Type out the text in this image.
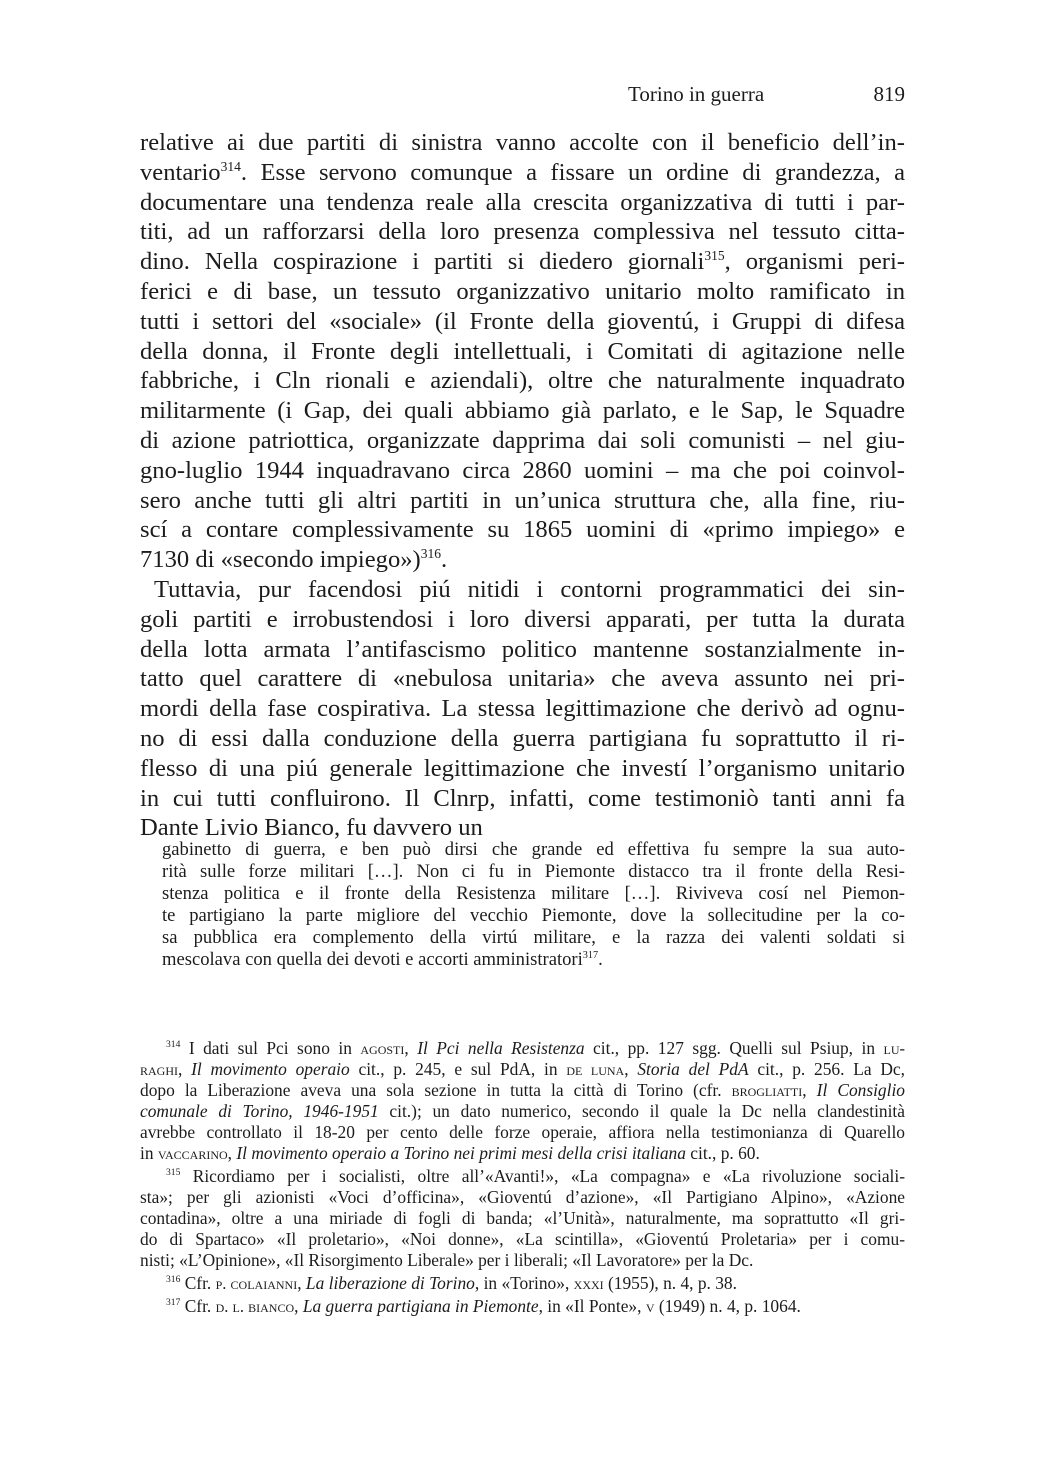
Torino in guerra	819
relative ai due partiti di sinistra vanno accolte con il beneficio dell’in-
ventario$^{314}$. Esse servono comunque a fissare un ordine di grandezza, a
documentare una tendenza reale alla crescita organizzativa di tutti i par-
titi, ad un rafforzarsi della loro presenza complessiva nel tessuto citta-
dino. Nella cospirazione i partiti si diedero giornali$^{315}$, organismi peri-
ferici e di base, un tessuto organizzativo unitario molto ramificato in
tutti i settori del «sociale» (il Fronte della gioventú, i Gruppi di difesa
della donna, il Fronte degli intellettuali, i Comitati di agitazione nelle
fabbriche, i Cln rionali e aziendali), oltre che naturalmente inquadrato
militarmente (i Gap, dei quali abbiamo già parlato, e le Sap, le Squadre
di azione patriottica, organizzate dapprima dai soli comunisti – nel giu-
gno-luglio 1944 inquadravano circa 2860 uomini – ma che poi coinvol-
sero anche tutti gli altri partiti in un’unica struttura che, alla fine, riu-
scí a contare complessivamente su 1865 uomini di «primo impiego» e
7130 di «secondo impiego»)$^{316}$.
Tuttavia, pur facendosi piú nitidi i contorni programmatici dei sin-
goli partiti e irrobustendosi i loro diversi apparati, per tutta la durata
della lotta armata l’antifascismo politico mantenne sostanzialmente in-
tatto quel carattere di «nebulosa unitaria» che aveva assunto nei pri-
mordi della fase cospirativa. La stessa legittimazione che derivò ad ognu-
no di essi dalla conduzione della guerra partigiana fu soprattutto il ri-
flesso di una piú generale legittimazione che investí l’organismo unitario
in cui tutti confluirono. Il Clnrp, infatti, come testimoniò tanti anni fa
Dante Livio Bianco, fu davvero un
gabinetto di guerra, e ben può dirsi che grande ed effettiva fu sempre la sua auto-
rità sulle forze militari […]. Non ci fu in Piemonte distacco tra il fronte della Resi-
stenza politica e il fronte della Resistenza militare […]. Riviveva cosí nel Piemon-
te partigiano la parte migliore del vecchio Piemonte, dove la sollecitudine per la co-
sa pubblica era complemento della virtú militare, e la razza dei valenti soldati si
mescolava con quella dei devoti e accorti amministratori$^{317}$.
$^{314}$ I dati sul Pci sono in agosti, Il Pci nella Resistenza cit., pp. 127 sgg. Quelli sul Psiup, in lu-
raghi, Il movimento operaio cit., p. 245, e sul PdA, in de luna, Storia del PdA cit., p. 256. La Dc,
dopo la Liberazione aveva una sola sezione in tutta la città di Torino (cfr. brogliatti, Il Consiglio
comunale di Torino, 1946-1951 cit.); un dato numerico, secondo il quale la Dc nella clandestinità
avrebbe controllato il 18-20 per cento delle forze operaie, affiora nella testimonianza di Quarello
in vaccarino, Il movimento operaio a Torino nei primi mesi della crisi italiana cit., p. 60.
$^{315}$ Ricordiamo per i socialisti, oltre all’«Avanti!», «La compagna» e «La rivoluzione sociali-
sta»; per gli azionisti «Voci d’officina», «Gioventú d’azione», «Il Partigiano Alpino», «Azione
contadina», oltre a una miriade di fogli di banda; «l’Unità», naturalmente, ma soprattutto «Il gri-
do di Spartaco» «Il proletario», «Noi donne», «La scintilla», «Gioventú Proletaria» per i comu-
nisti; «L’Opinione», «Il Risorgimento Liberale» per i liberali; «Il Lavoratore» per la Dc.
$^{316}$ Cfr. p. colaianni, La liberazione di Torino, in «Torino», xxxi (1955), n. 4, p. 38.
$^{317}$ Cfr. d. l. bianco, La guerra partigiana in Piemonte, in «Il Ponte», v (1949) n. 4, p. 1064.
